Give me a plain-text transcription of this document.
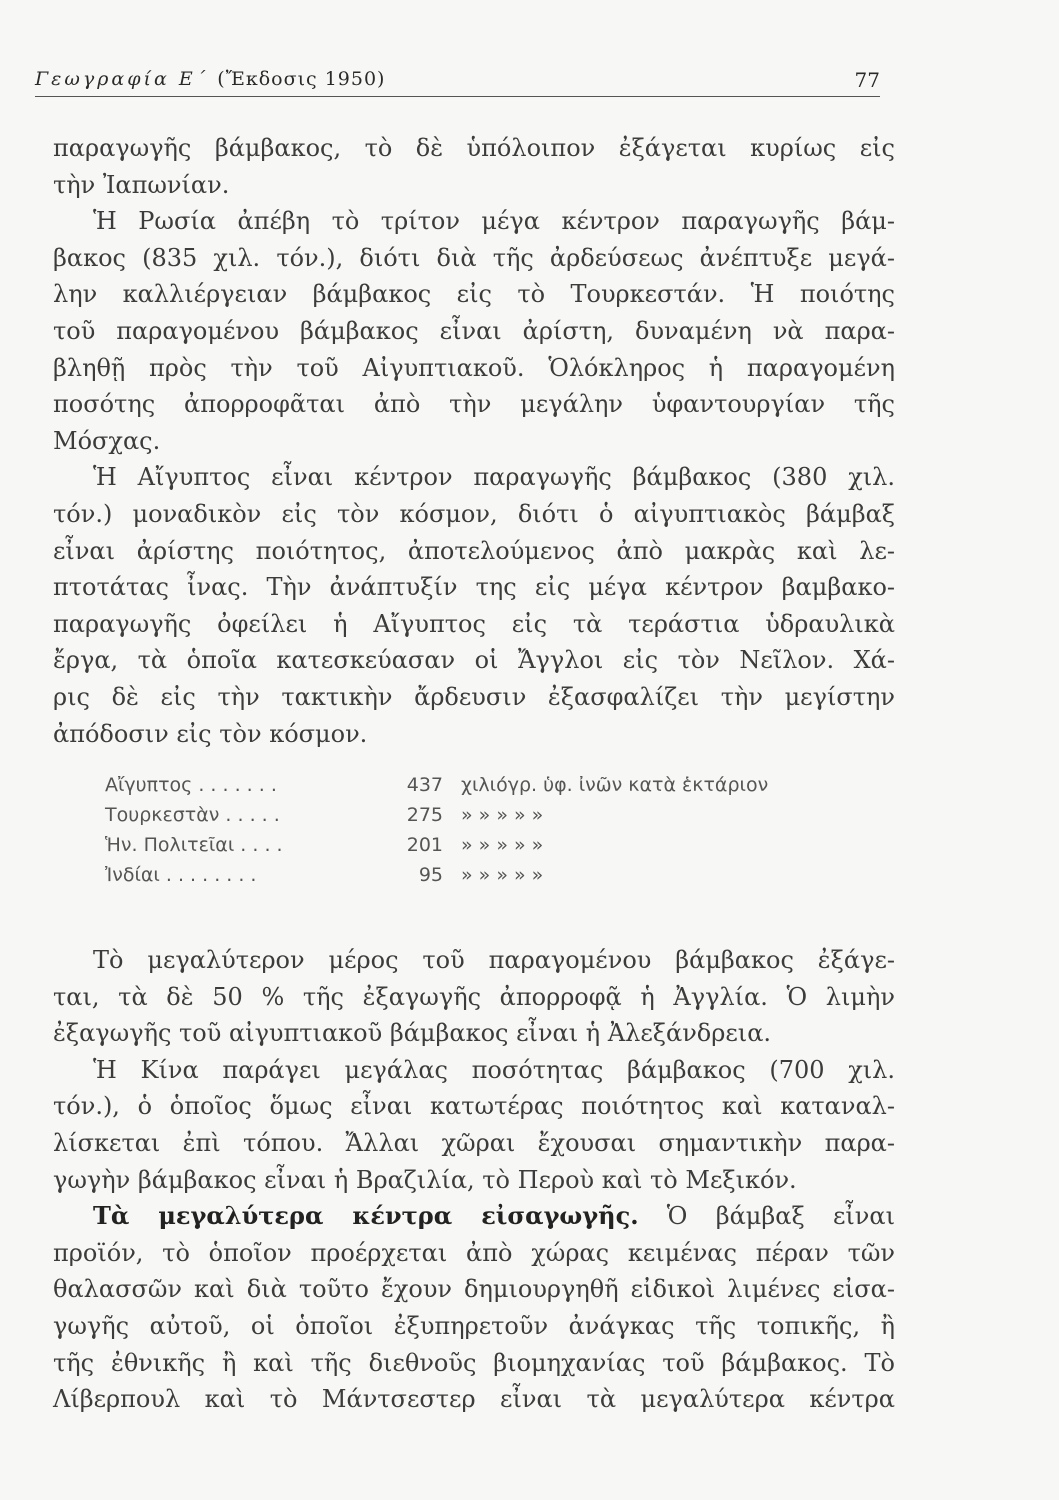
Γεωγραφία Ε΄ (Ἔκδοσις 1950)	77
παραγωγῆς βάμβακος, τὸ δὲ ὑπόλοιπον ἐξάγεται κυρίως εἰς
τὴν Ἰαπωνίαν.
Ἡ Ρωσία ἀπέβη τὸ τρίτον μέγα κέντρον παραγωγῆς βάμ-
βακος (835 χιλ. τόν.), διότι διὰ τῆς ἀρδεύσεως ἀνέπτυξε μεγά-
λην καλλιέργειαν βάμβακος εἰς τὸ Τουρκεστάν. Ἡ ποιότης
τοῦ παραγομένου βάμβακος εἶναι ἀρίστη, δυναμένη νὰ παρα-
βληθῇ πρὸς τὴν τοῦ Αἰγυπτιακοῦ. Ὁλόκληρος ἡ παραγομένη
ποσότης ἀπορροφᾶται ἀπὸ τὴν μεγάλην ὑφαντουργίαν τῆς
Μόσχας.
Ἡ Αἴγυπτος εἶναι κέντρον παραγωγῆς βάμβακος (380 χιλ.
τόν.) μοναδικὸν εἰς τὸν κόσμον, διότι ὁ αἰγυπτιακὸς βάμβαξ
εἶναι ἀρίστης ποιότητος, ἀποτελούμενος ἀπὸ μακρὰς καὶ λε-
πτοτάτας ἶνας. Τὴν ἀνάπτυξίν της εἰς μέγα κέντρον βαμβακο-
παραγωγῆς ὀφείλει ἡ Αἴγυπτος εἰς τὰ τεράστια ὑδραυλικὰ
ἔργα, τὰ ὁποῖα κατεσκεύασαν οἱ Ἄγγλοι εἰς τὸν Νεῖλον. Χά-
ρις δὲ εἰς τὴν τακτικὴν ἄρδευσιν ἐξασφαλίζει τὴν μεγίστην
ἀπόδοσιν εἰς τὸν κόσμον.
Αἴγυπτος . . . . . . .	437 χιλιόγρ. ὑφ. ἰνῶν κατὰ ἑκτάριον
Τουρκεστὰν . . . . .	275 » » » » »
Ἡν. Πολιτεῖαι . . . .	201 » » » » »
Ἰνδίαι . . . . . . . .	95 » » » » »
Τὸ μεγαλύτερον μέρος τοῦ παραγομένου βάμβακος ἐξάγε-
ται, τὰ δὲ 50 % τῆς ἐξαγωγῆς ἀπορροφᾷ ἡ Ἀγγλία. Ὁ λιμὴν
ἐξαγωγῆς τοῦ αἰγυπτιακοῦ βάμβακος εἶναι ἡ Ἀλεξάνδρεια.
Ἡ Κίνα παράγει μεγάλας ποσότητας βάμβακος (700 χιλ.
τόν.), ὁ ὁποῖος ὅμως εἶναι κατωτέρας ποιότητος καὶ καταναλ-
λίσκεται ἐπὶ τόπου. Ἄλλαι χῶραι ἔχουσαι σημαντικὴν παρα-
γωγὴν βάμβακος εἶναι ἡ Βραζιλία, τὸ Περοὺ καὶ τὸ Μεξικόν.
Τὰ μεγαλύτερα κέντρα εἰσαγωγῆς. Ὁ βάμβαξ εἶναι
προϊόν, τὸ ὁποῖον προέρχεται ἀπὸ χώρας κειμένας πέραν τῶν
θαλασσῶν καὶ διὰ τοῦτο ἔχουν δημιουργηθῆ εἰδικοὶ λιμένες εἰσα-
γωγῆς αὐτοῦ, οἱ ὁποῖοι ἐξυπηρετοῦν ἀνάγκας τῆς τοπικῆς, ἢ
τῆς ἐθνικῆς ἢ καὶ τῆς διεθνοῦς βιομηχανίας τοῦ βάμβακος. Τὸ
Λίβερπουλ καὶ τὸ Μάντσεστερ εἶναι τὰ μεγαλύτερα κέντρα
